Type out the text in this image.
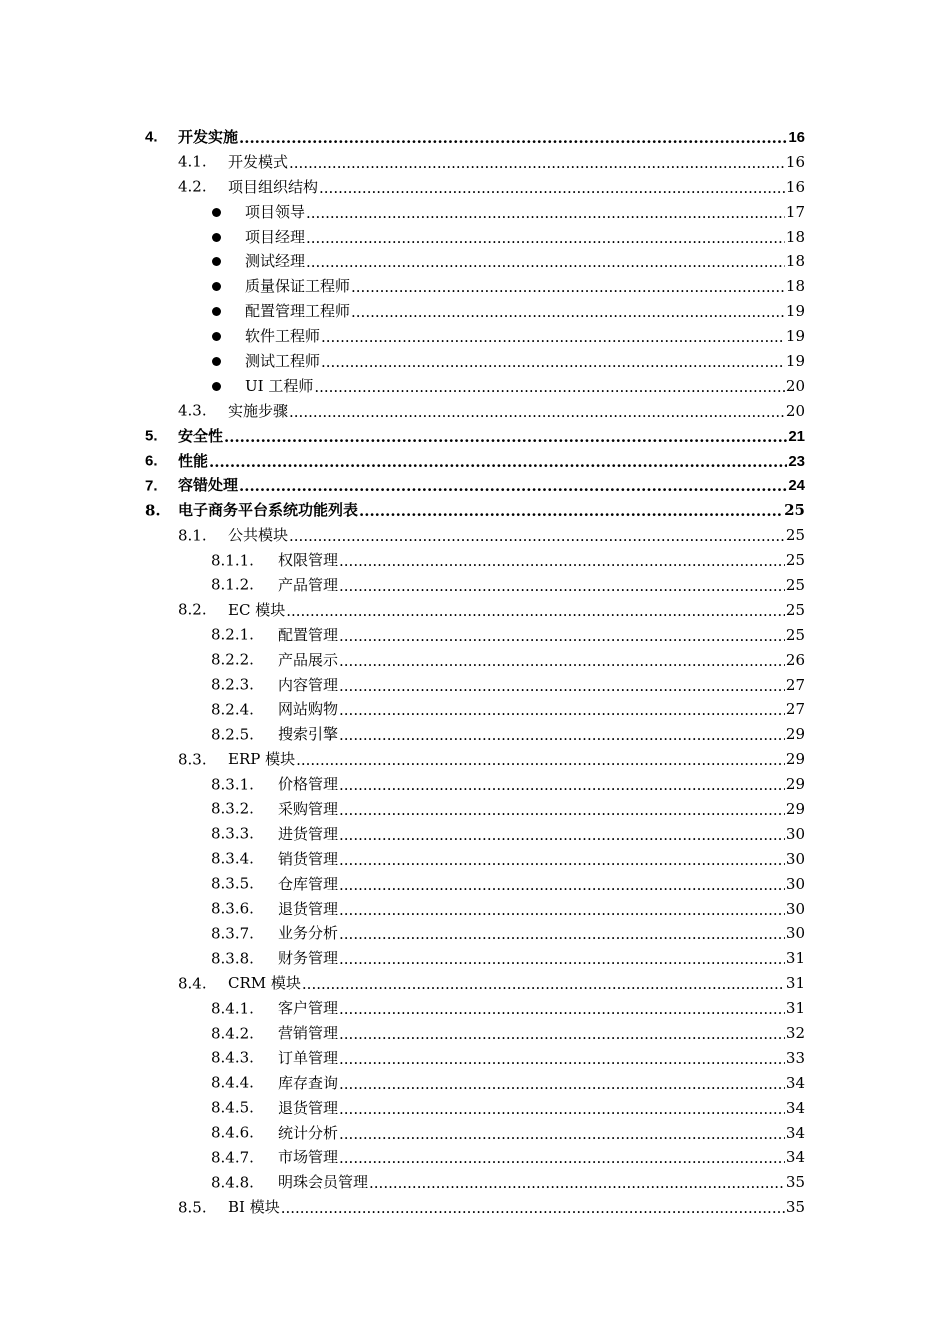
4. 开发实施 .....	16
4.1. 开发模式 .....	16
4.2. 项目组织结构 .....	16
项目领导 .....	17
项目经理 .....	18
测试经理 .....	18
质量保证工程师 .....	18
配置管理工程师 .....	19
软件工程师 .....	19
测试工程师 .....	19
UI 工程师 .....	20
4.3. 实施步骤 .....	20
5. 安全性 .....	21
6. 性能 .....	23
7. 容错处理 .....	24
8. 电子商务平台系统功能列表 .....	25
8.1. 公共模块 .....	25
8.1.1. 权限管理 .....	25
8.1.2. 产品管理 .....	25
8.2. EC 模块 .....	25
8.2.1. 配置管理 .....	25
8.2.2. 产品展示 .....	26
8.2.3. 内容管理 .....	27
8.2.4. 网站购物 .....	27
8.2.5. 搜索引擎 .....	29
8.3. ERP 模块 .....	29
8.3.1. 价格管理 .....	29
8.3.2. 采购管理 .....	29
8.3.3. 进货管理 .....	30
8.3.4. 销货管理 .....	30
8.3.5. 仓库管理 .....	30
8.3.6. 退货管理 .....	30
8.3.7. 业务分析 .....	30
8.3.8. 财务管理 .....	31
8.4. CRM 模块 .....	31
8.4.1. 客户管理 .....	31
8.4.2. 营销管理 .....	32
8.4.3. 订单管理 .....	33
8.4.4. 库存查询 .....	34
8.4.5. 退货管理 .....	34
8.4.6. 统计分析 .....	34
8.4.7. 市场管理 .....	34
8.4.8. 明珠会员管理 .....	35
8.5. BI 模块 .....	35
